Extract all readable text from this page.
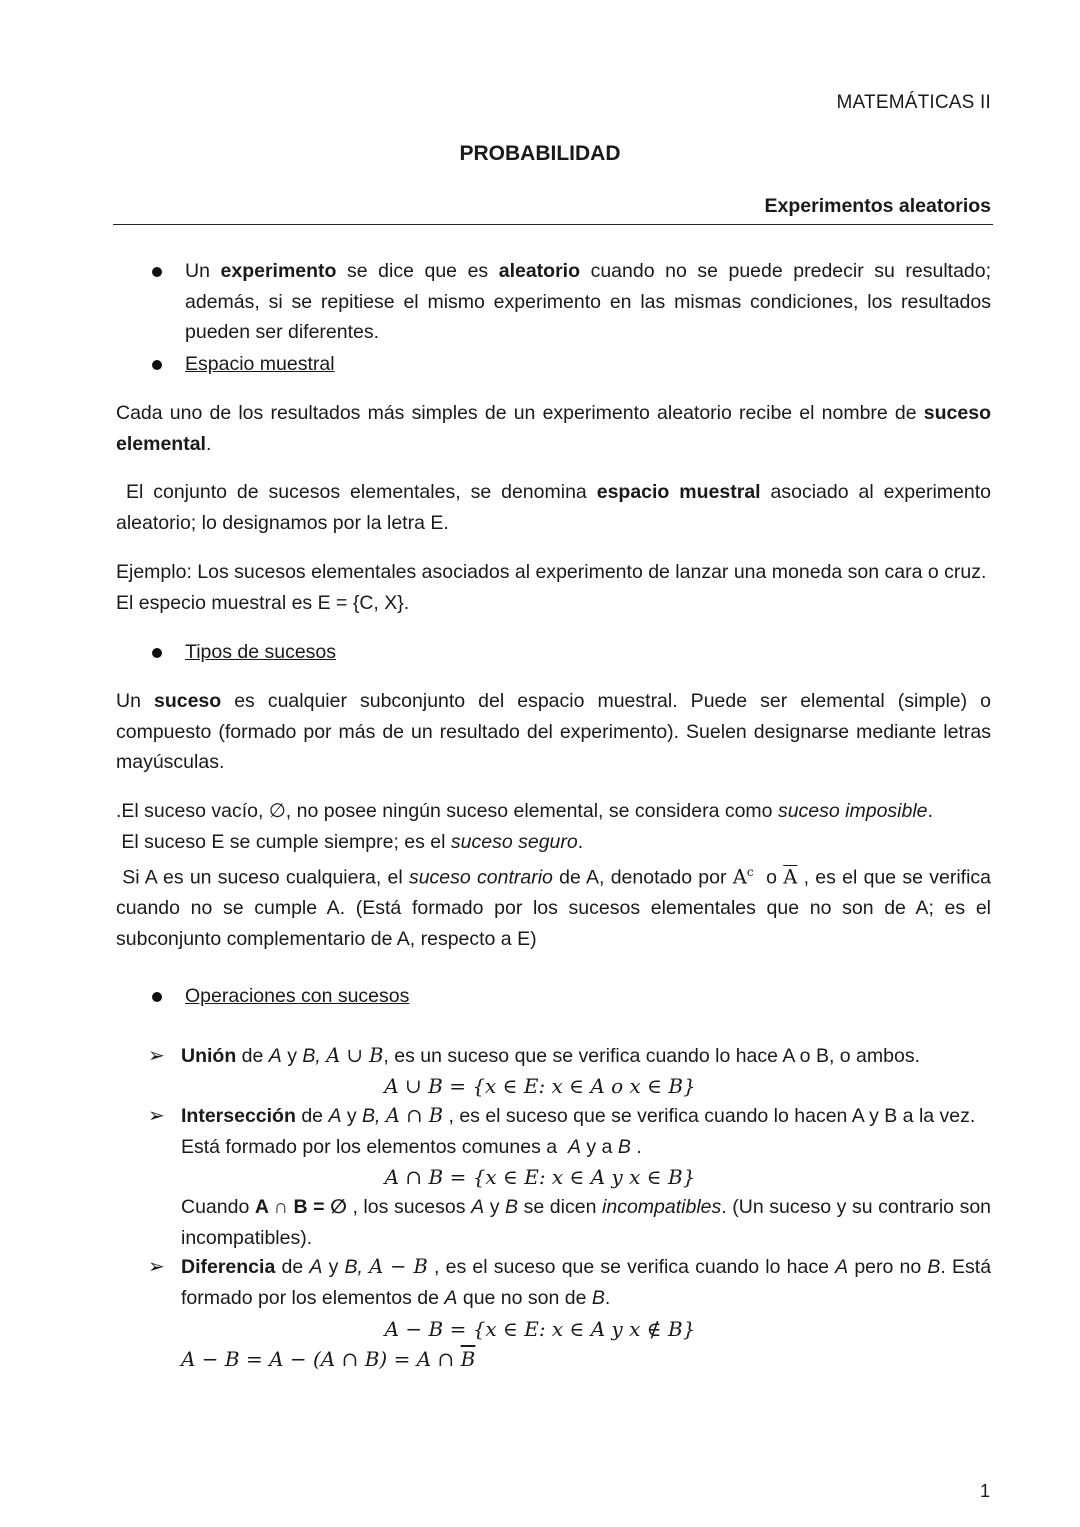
MATEMÁTICAS II
PROBABILIDAD
Experimentos aleatorios
Un experimento se dice que es aleatorio cuando no se puede predecir su resultado; además, si se repitiese el mismo experimento en las mismas condiciones, los resultados pueden ser diferentes.
Espacio muestral
Cada uno de los resultados más simples de un experimento aleatorio recibe el nombre de suceso elemental.
El conjunto de sucesos elementales, se denomina espacio muestral asociado al experimento aleatorio; lo designamos por la letra E.
Ejemplo: Los sucesos elementales asociados al experimento de lanzar una moneda son cara o cruz.
El especio muestral es E = {C, X}.
Tipos de sucesos
Un suceso es cualquier subconjunto del espacio muestral. Puede ser elemental (simple) o compuesto (formado por más de un resultado del experimento). Suelen designarse mediante letras mayúsculas.
.El suceso vacío, ∅, no posee ningún suceso elemental, se considera como suceso imposible.
El suceso E se cumple siempre; es el suceso seguro.
Si A es un suceso cualquiera, el suceso contrario de A, denotado por $A^c$ o $\overline{A}$ , es el que se verifica cuando no se cumple A. (Está formado por los sucesos elementales que no son de A; es el subconjunto complementario de A, respecto a E)
Operaciones con sucesos
➢ Unión de A y B, A ∪ B, es un suceso que se verifica cuando lo hace A o B, o ambos.
A ∪ B = {x ∈ E: x ∈ A o x ∈ B}
➢ Intersección de A y B, A ∩ B , es el suceso que se verifica cuando lo hacen A y B a la vez.
Está formado por los elementos comunes a A y a B .
A ∩ B = {x ∈ E: x ∈ A y x ∈ B}
Cuando A ∩ B = ∅ , los sucesos A y B se dicen incompatibles. (Un suceso y su contrario son incompatibles).
➢ Diferencia de A y B, A − B , es el suceso que se verifica cuando lo hace A pero no B. Está formado por los elementos de A que no son de B.
A − B = {x ∈ E: x ∈ A y x ∉ B}
A − B = A − (A ∩ B) = A ∩ $\overline{B}$
1
